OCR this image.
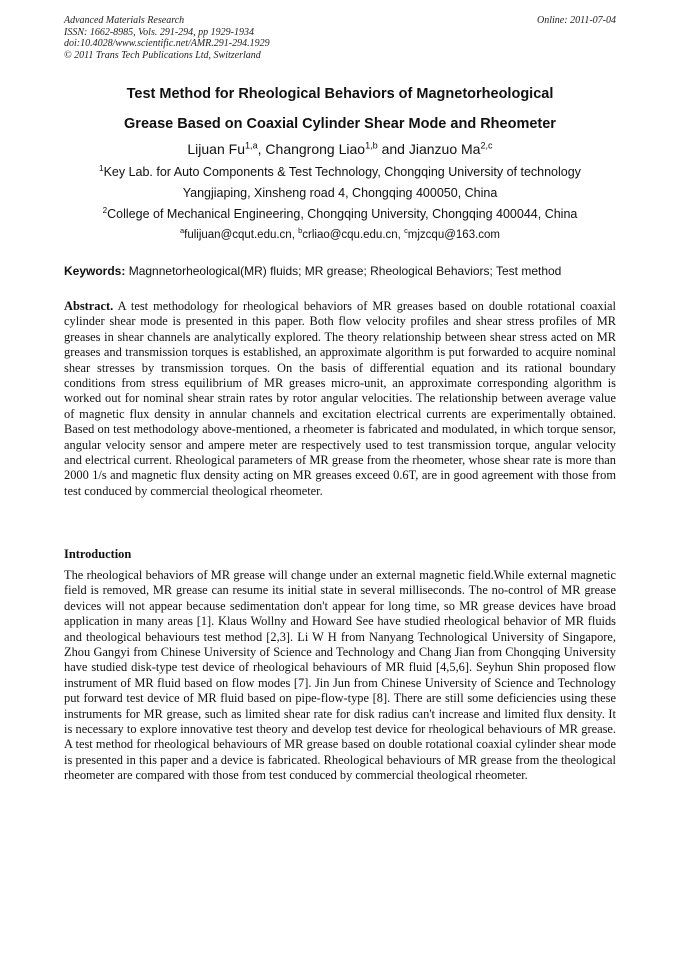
Advanced Materials Research
ISSN: 1662-8985, Vols. 291-294, pp 1929-1934
doi:10.4028/www.scientific.net/AMR.291-294.1929
© 2011 Trans Tech Publications Ltd, Switzerland
Online: 2011-07-04
Test Method for Rheological Behaviors of Magnetorheological
Grease Based on Coaxial Cylinder Shear Mode and Rheometer
Lijuan Fu$^{1,a}$, Changrong Liao$^{1,b}$ and Jianzuo Ma$^{2,c}$
$^1$Key Lab. for Auto Components & Test Technology, Chongqing University of technology
Yangjiaping, Xinsheng road 4, Chongqing 400050, China
$^2$College of Mechanical Engineering, Chongqing University, Chongqing 400044, China
$^a$fulijuan@cqut.edu.cn, $^b$crliao@cqu.edu.cn, $^c$mjzcqu@163.com
Keywords: Magnnetorheological(MR) fluids; MR grease; Rheological Behaviors; Test method

Abstract. A test methodology for rheological behaviors of MR greases based on double rotational coaxial cylinder shear mode is presented in this paper. Both flow velocity profiles and shear stress profiles of MR greases in shear channels are analytically explored. The theory relationship between shear stress acted on MR greases and transmission torques is established, an approximate algorithm is put forwarded to acquire nominal shear stresses by transmission torques. On the basis of differential equation and its rational boundary conditions from stress equilibrium of MR greases micro-unit, an approximate corresponding algorithm is worked out for nominal shear strain rates by rotor angular velocities. The relationship between average value of magnetic flux density in annular channels and excitation electrical currents are experimentally obtained. Based on test methodology above-mentioned, a rheometer is fabricated and modulated, in which torque sensor, angular velocity sensor and ampere meter are respectively used to test transmission torque, angular velocity and electrical current. Rheological parameters of MR grease from the rheometer, whose shear rate is more than 2000 1/s and magnetic flux density acting on MR greases exceed 0.6T, are in good agreement with those from test conduced by commercial theological rheometer.

Introduction

The rheological behaviors of MR grease will change under an external magnetic field.While external magnetic field is removed, MR grease can resume its initial state in several milliseconds. The no-control of MR grease devices will not appear because sedimentation don't appear for long time, so MR grease devices have broad application in many areas [1]. Klaus Wollny and Howard See have studied rheological behavior of MR fluids and theological behaviours test method [2,3]. Li W H from Nanyang Technological University of Singapore, Zhou Gangyi from Chinese University of Science and Technology and Chang Jian from Chongqing University have studied disk-type test device of rheological behaviours of MR fluid [4,5,6]. Seyhun Shin proposed flow instrument of MR fluid based on flow modes [7]. Jin Jun from Chinese University of Science and Technology put forward test device of MR fluid based on pipe-flow-type [8]. There are still some deficiencies using these instruments for MR grease, such as limited shear rate for disk radius can't increase and limited flux density. It is necessary to explore innovative test theory and develop test device for rheological behaviours of MR grease. A test method for rheological behaviours of MR grease based on double rotational coaxial cylinder shear mode is presented in this paper and a device is fabricated. Rheological behaviours of MR grease from the theological rheometer are compared with those from test conduced by commercial theological rheometer.
